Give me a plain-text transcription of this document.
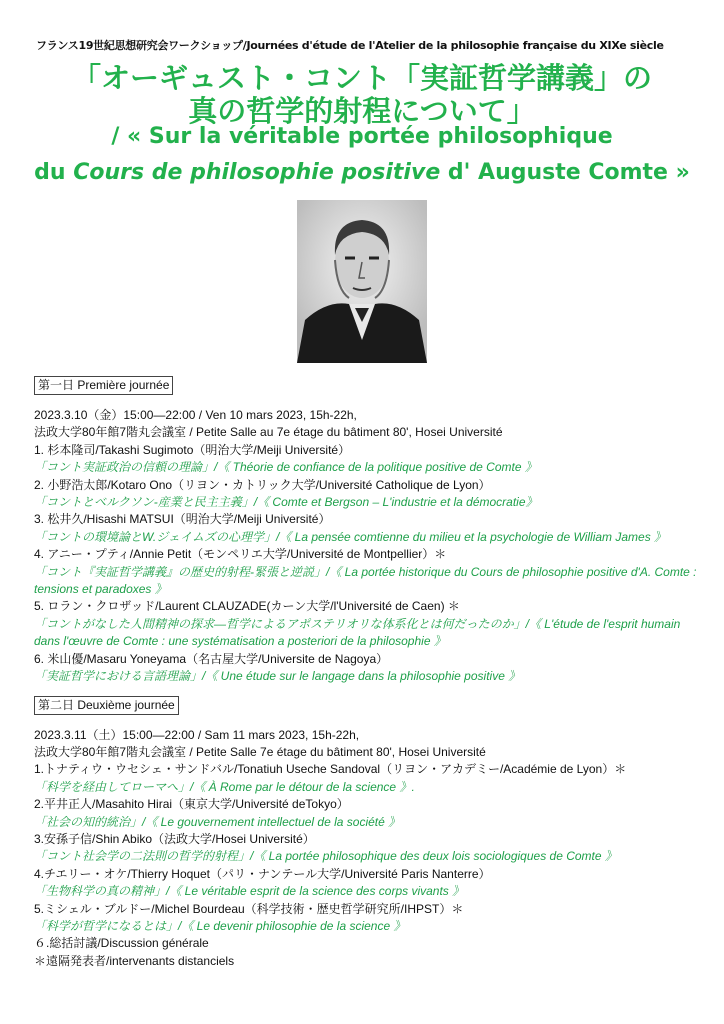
フランス19世紀思想研究会ワークショップ/Journées d'étude de l'Atelier de la philosophie française du XIXe siècle
「オーギュスト・コント「実証哲学講義」の
真の哲学的射程について」
/ « Sur la véritable portée philosophique
du Cours de philosophie positive d' Auguste Comte »
第一日 Première journée
2023.3.10（金）15:00―22:00 / Ven 10 mars 2023, 15h-22h,
法政大学80年館7階丸会議室 / Petite Salle au 7e étage du bâtiment 80', Hosei Université
1. 杉本隆司/Takashi Sugimoto（明治大学/Meiji Université）
「コント実証政治の信頼の理論」/《 Théorie de confiance de la politique positive de Comte 》
2. 小野浩太郎/Kotaro Ono（リヨン・カトリック大学/Université Catholique de Lyon）
「コントとベルクソン-産業と民主主義」/《 Comte et Bergson – L'industrie et la démocratie》
3. 松井久/Hisashi MATSUI（明治大学/Meiji Université）
「コントの環境論とW.ジェイムズの心理学」/《 La pensée comtienne du milieu et la psychologie de William James 》
4. アニー・プティ/Annie Petit（モンペリエ大学/Université de Montpellier）＊
「コント『実証哲学講義』の歴史的射程-緊張と逆説」/《 La portée historique du Cours de philosophie positive d'A. Comte : tensions et paradoxes 》
5. ロラン・クロザッド/Laurent CLAUZADE(カーン大学/l'Université de Caen) ＊
「コントがなした人間精神の探求―哲学によるアポステリオリな体系化とは何だったのか」/《 L'étude de l'esprit humain dans l'œuvre de Comte : une systématisation a posteriori de la philosophie 》
6. 米山優/Masaru Yoneyama（名古屋大学/Universite de Nagoya）
「実証哲学における言語理論」/《 Une étude sur le langage dans la philosophie positive 》
第二日 Deuxième journée
2023.3.11（土）15:00―22:00 / Sam 11 mars 2023, 15h-22h,
法政大学80年館7階丸会議室 / Petite Salle 7e étage du bâtiment 80', Hosei Université
1.トナティウ・ウセシェ・サンドバル/Tonatiuh Useche Sandoval（リヨン・アカデミー/Académie de Lyon）＊
「科学を経由してローマへ」/《 À Rome par le détour de la science 》.
2.平井正人/Masahito Hirai（東京大学/Université deTokyo）
「社会の知的統治」/《 Le gouvernement intellectuel de la société 》
3.安孫子信/Shin Abiko（法政大学/Hosei Université）
「コント社会学の二法則の哲学的射程」/《 La portée philosophique des deux lois sociologiques de Comte 》
4.チエリー・オケ/Thierry Hoquet（パリ・ナンテール大学/Université Paris Nanterre）
「生物科学の真の精神」/《 Le véritable esprit de la science des corps vivants 》
5.ミシェル・ブルドー/Michel Bourdeau（科学技術・歴史哲学研究所/IHPST）＊
「科学が哲学になるとは」/《 Le devenir philosophie de la science 》
６.総括討議/Discussion générale
＊遠隔発表者/intervenants distanciels
